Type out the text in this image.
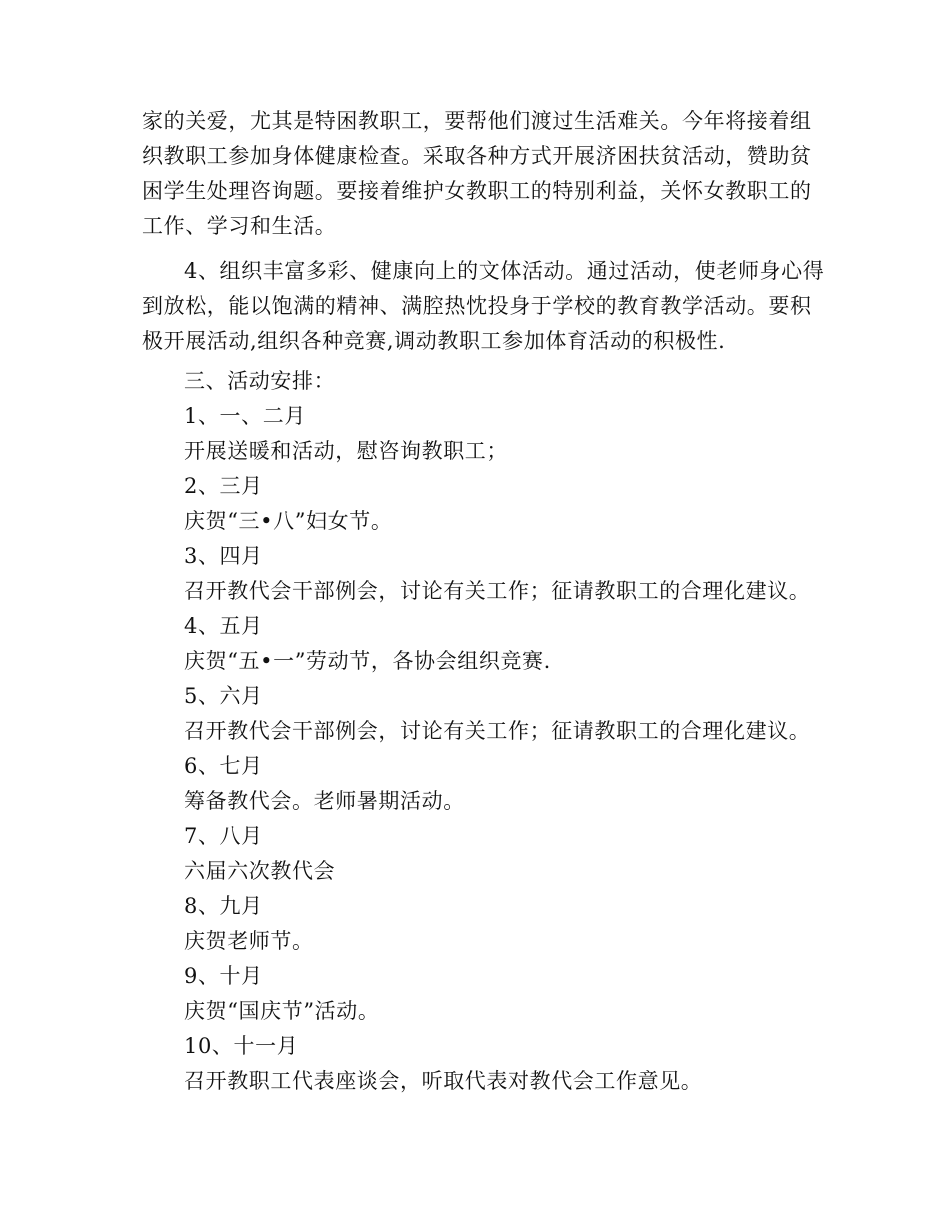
家的关爱，尤其是特困教职工，要帮他们渡过生活难关。今年将接着组织教职工参加身体健康检查。采取各种方式开展济困扶贫活动，赞助贫困学生处理咨询题。要接着维护女教职工的特别利益，关怀女教职工的工作、学习和生活。
4、组织丰富多彩、健康向上的文体活动。通过活动，使老师身心得到放松，能以饱满的精神、满腔热忱投身于学校的教育教学活动。要积极开展活动,组织各种竞赛,调动教职工参加体育活动的积极性.
三、活动安排：
1、一、二月
开展送暖和活动，慰咨询教职工；
2、三月
庆贺“三•八”妇女节。
3、四月
召开教代会干部例会，讨论有关工作；征请教职工的合理化建议。
4、五月
庆贺“五•一”劳动节，各协会组织竞赛.
5、六月
召开教代会干部例会，讨论有关工作；征请教职工的合理化建议。
6、七月
筹备教代会。老师暑期活动。
7、八月
六届六次教代会
8、九月
庆贺老师节。
9、十月
庆贺“国庆节”活动。
10、十一月
召开教职工代表座谈会，听取代表对教代会工作意见。
